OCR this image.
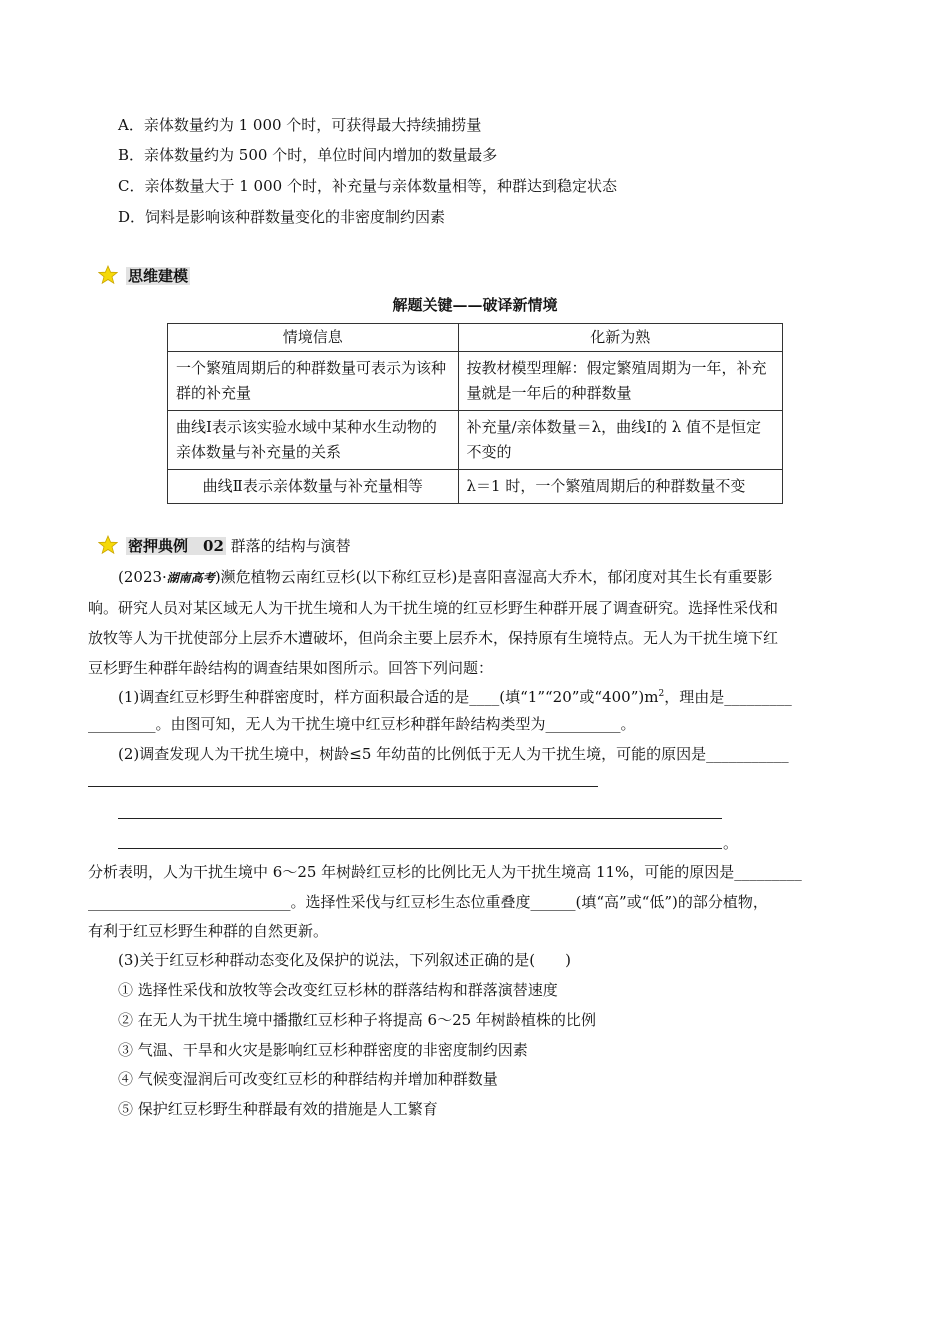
A．亲体数量约为 1 000 个时，可获得最大持续捕捞量
B．亲体数量约为 500 个时，单位时间内增加的数量最多
C．亲体数量大于 1 000 个时，补充量与亲体数量相等，种群达到稳定状态
D．饲料是影响该种群数量变化的非密度制约因素
思维建模
解题关键——破译新情境
情境信息	化新为熟
一个繁殖周期后的种群数量可表示为该种群的补充量	按教材模型理解：假定繁殖周期为一年，补充量就是一年后的种群数量
曲线Ⅰ表示该实验水域中某种水生动物的亲体数量与补充量的关系	补充量/亲体数量＝λ，曲线Ⅰ的 λ 值不是恒定不变的
曲线Ⅱ表示亲体数量与补充量相等	λ＝1 时，一个繁殖周期后的种群数量不变
密押典例　02 群落的结构与演替
(2023·湖南高考)濒危植物云南红豆杉(以下称红豆杉)是喜阳喜湿高大乔木，郁闭度对其生长有重要影
响。研究人员对某区域无人为干扰生境和人为干扰生境的红豆杉野生种群开展了调查研究。选择性采伐和
放牧等人为干扰使部分上层乔木遭破坏，但尚余主要上层乔木，保持原有生境特点。无人为干扰生境下红
豆杉野生种群年龄结构的调查结果如图所示。回答下列问题：
(1)调查红豆杉野生种群密度时，样方面积最合适的是____(填“1”“20”或“$400”)m^2$，理由是_________
_________。由图可知，无人为干扰生境中红豆杉种群年龄结构类型为__________。
(2)调查发现人为干扰生境中，树龄≤5 年幼苗的比例低于无人为干扰生境，可能的原因是___________
。
分析表明，人为干扰生境中 6～25 年树龄红豆杉的比例比无人为干扰生境高 11%，可能的原因是_________
___________________________。选择性采伐与红豆杉生态位重叠度______(填“高”或“低”)的部分植物，
有利于红豆杉野生种群的自然更新。
(3)关于红豆杉种群动态变化及保护的说法，下列叙述正确的是(　　)
① 选择性采伐和放牧等会改变红豆杉林的群落结构和群落演替速度
② 在无人为干扰生境中播撒红豆杉种子将提高 6～25 年树龄植株的比例
③ 气温、干旱和火灾是影响红豆杉种群密度的非密度制约因素
④ 气候变湿润后可改变红豆杉的种群结构并增加种群数量
⑤ 保护红豆杉野生种群最有效的措施是人工繁育
